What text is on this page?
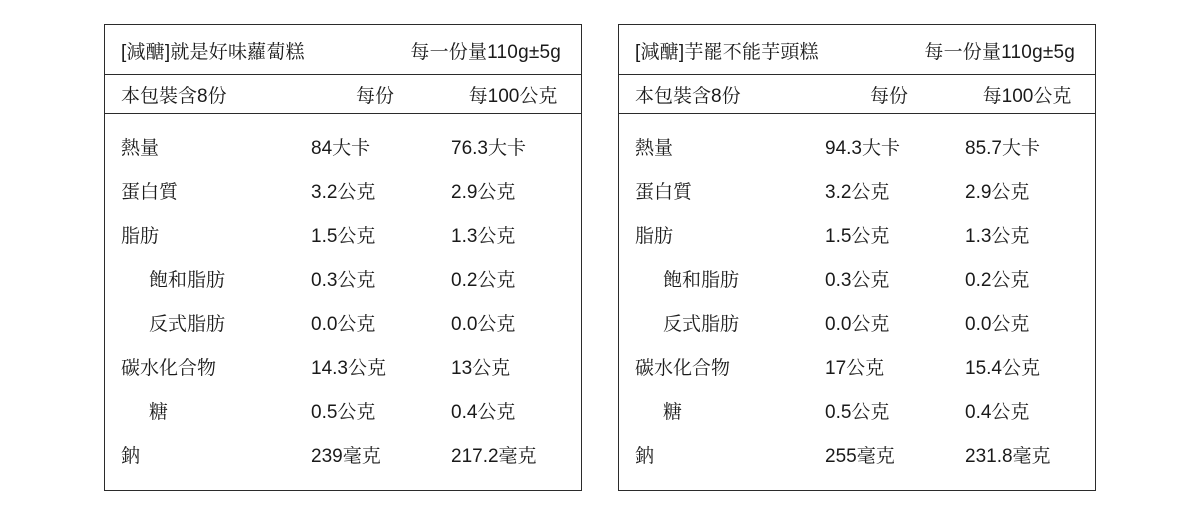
[減醣]就是好味蘿蔔糕	每一份量110g±5g
本包裝含8份	每份	每100公克
熱量	84大卡	76.3大卡
蛋白質	3.2公克	2.9公克
脂肪	1.5公克	1.3公克
飽和脂肪	0.3公克	0.2公克
反式脂肪	0.0公克	0.0公克
碳水化合物	14.3公克	13公克
糖	0.5公克	0.4公克
鈉	239毫克	217.2毫克
[減醣]芋罷不能芋頭糕	每一份量110g±5g
本包裝含8份	每份	每100公克
熱量	94.3大卡	85.7大卡
蛋白質	3.2公克	2.9公克
脂肪	1.5公克	1.3公克
飽和脂肪	0.3公克	0.2公克
反式脂肪	0.0公克	0.0公克
碳水化合物	17公克	15.4公克
糖	0.5公克	0.4公克
鈉	255毫克	231.8毫克
